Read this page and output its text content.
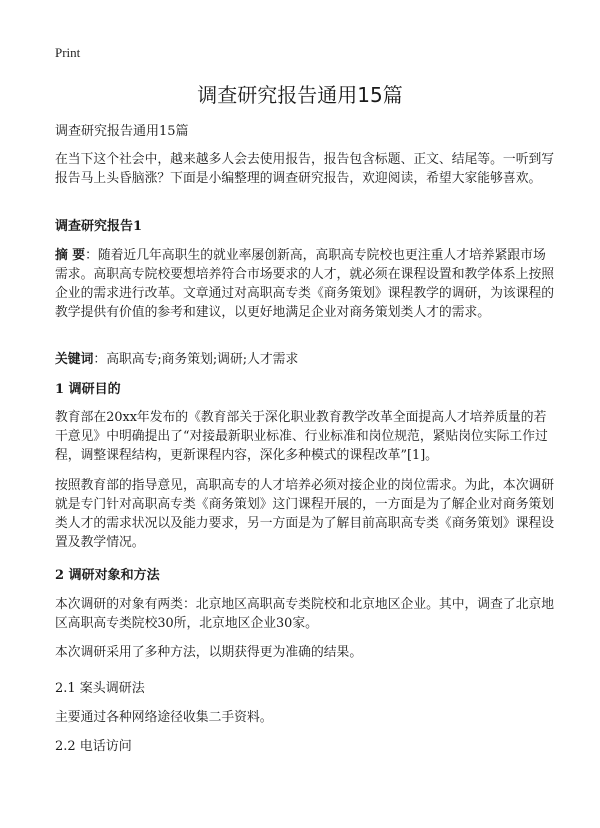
Print
调查研究报告通用15篇

调查研究报告通用15篇

在当下这个社会中，越来越多人会去使用报告，报告包含标题、正文、结尾等。一听到写报告马上头昏脑涨？下面是小编整理的调查研究报告，欢迎阅读，希望大家能够喜欢。

调查研究报告1

摘 要：随着近几年高职生的就业率屡创新高，高职高专院校也更注重人才培养紧跟市场需求。高职高专院校要想培养符合市场要求的人才，就必须在课程设置和教学体系上按照企业的需求进行改革。文章通过对高职高专类《商务策划》课程教学的调研，为该课程的教学提供有价值的参考和建议，以更好地满足企业对商务策划类人才的需求。

关键词：高职高专;商务策划;调研;人才需求

1 调研目的

教育部在20xx年发布的《教育部关于深化职业教育教学改革全面提高人才培养质量的若干意见》中明确提出了“对接最新职业标准、行业标准和岗位规范，紧贴岗位实际工作过程，调整课程结构，更新课程内容，深化多种模式的课程改革”[1]。

按照教育部的指导意见，高职高专的人才培养必须对接企业的岗位需求。为此，本次调研就是专门针对高职高专类《商务策划》这门课程开展的，一方面是为了解企业对商务策划类人才的需求状况以及能力要求，另一方面是为了解目前高职高专类《商务策划》课程设置及教学情况。

2 调研对象和方法

本次调研的对象有两类：北京地区高职高专类院校和北京地区企业。其中，调查了北京地区高职高专类院校30所，北京地区企业30家。

本次调研采用了多种方法，以期获得更为准确的结果。

2.1 案头调研法

主要通过各种网络途径收集二手资料。

2.2 电话访问
